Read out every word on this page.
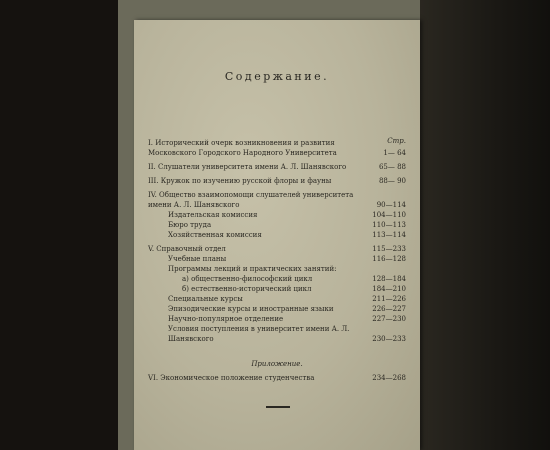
Содержание.
Стр.
I. Исторический очерк возникновения и развития Московского Городского Народного Университета	1— 64
II. Слушатели университета имени А. Л. Шанявского	65— 88
III. Кружок по изучению русской флоры и фауны	88— 90
IV. Общество взаимопомощи слушателей университета имени А. Л. Шанявского	90—114
Издательская комиссия	104—110
Бюро труда	110—113
Хозяйственная комиссия	113—114
V. Справочный отдел	115—233
Учебные планы	116—128
Программы лекций и практических занятий:
а) общественно-философский цикл	128—184
б) естественно-исторический цикл	184—210
Специальные курсы	211—226
Эпизодические курсы и иностранные языки	226—227
Научно-популярное отделение	227—230
Условия поступления в университет имени А. Л. Шанявского	230—233
Приложение.
VI. Экономическое положение студенчества	234—268
